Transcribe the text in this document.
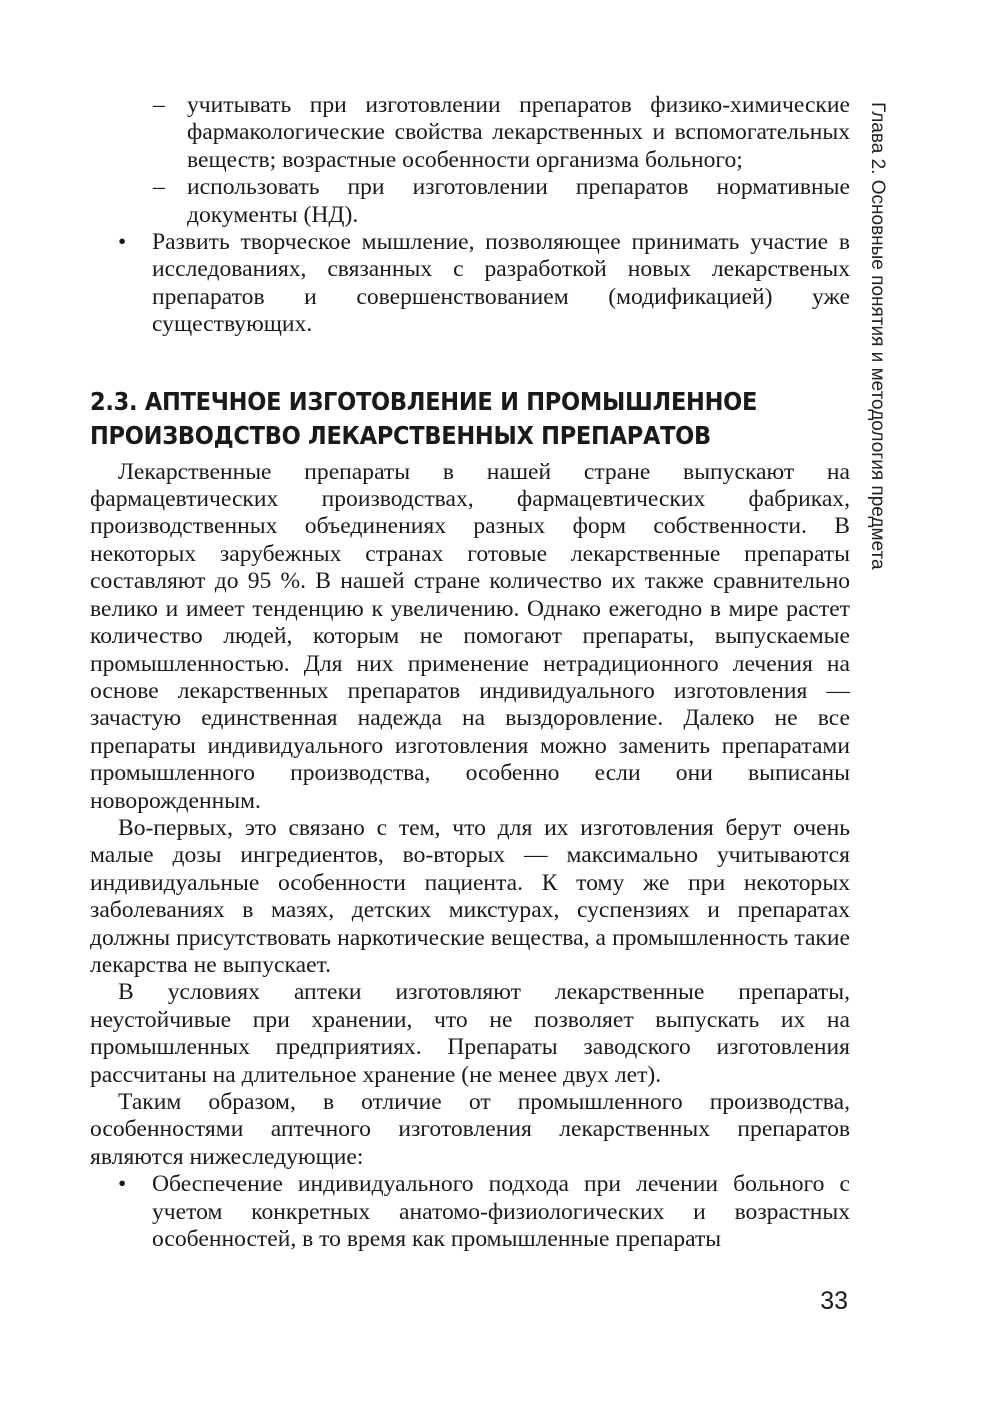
– учитывать при изготовлении препаратов физико-химические фармакологические свойства лекарственных и вспомогательных веществ; возрастные особенности организма больного;
– использовать при изготовлении препаратов нормативные документы (НД).
• Развить творческое мышление, позволяющее принимать участие в исследованиях, связанных с разработкой новых лекарственых препаратов и совершенствованием (модификацией) уже существующих.
2.3. АПТЕЧНОЕ ИЗГОТОВЛЕНИЕ И ПРОМЫШЛЕННОЕ ПРОИЗВОДСТВО ЛЕКАРСТВЕННЫХ ПРЕПАРАТОВ

Лекарственные препараты в нашей стране выпускают на фармацевтических производствах, фармацевтических фабриках, производственных объединениях разных форм собственности. В некоторых зарубежных странах готовые лекарственные препараты составляют до 95 %. В нашей стране количество их также сравнительно велико и имеет тенденцию к увеличению. Однако ежегодно в мире растет количество людей, которым не помогают препараты, выпускаемые промышленностью. Для них применение нетрадиционного лечения на основе лекарственных препаратов индивидуального изготовления — зачастую единственная надежда на выздоровление. Далеко не все препараты индивидуального изготовления можно заменить препаратами промышленного производства, особенно если они выписаны новорожденным.

Во-первых, это связано с тем, что для их изготовления берут очень малые дозы ингредиентов, во-вторых — максимально учитываются индивидуальные особенности пациента. К тому же при некоторых заболеваниях в мазях, детских микстурах, суспензиях и препаратах должны присутствовать наркотические вещества, а промышленность такие лекарства не выпускает.

В условиях аптеки изготовляют лекарственные препараты, неустойчивые при хранении, что не позволяет выпускать их на промышленных предприятиях. Препараты заводского изготовления рассчитаны на длительное хранение (не менее двух лет).

Таким образом, в отличие от промышленного производства, особенностями аптечного изготовления лекарственных препаратов являются нижеследующие:

• Обеспечение индивидуального подхода при лечении больного с учетом конкретных анатомо-физиологических и возрастных особенностей, в то время как промышленные препараты
Глава 2. Основные понятия и методология предмета
33
